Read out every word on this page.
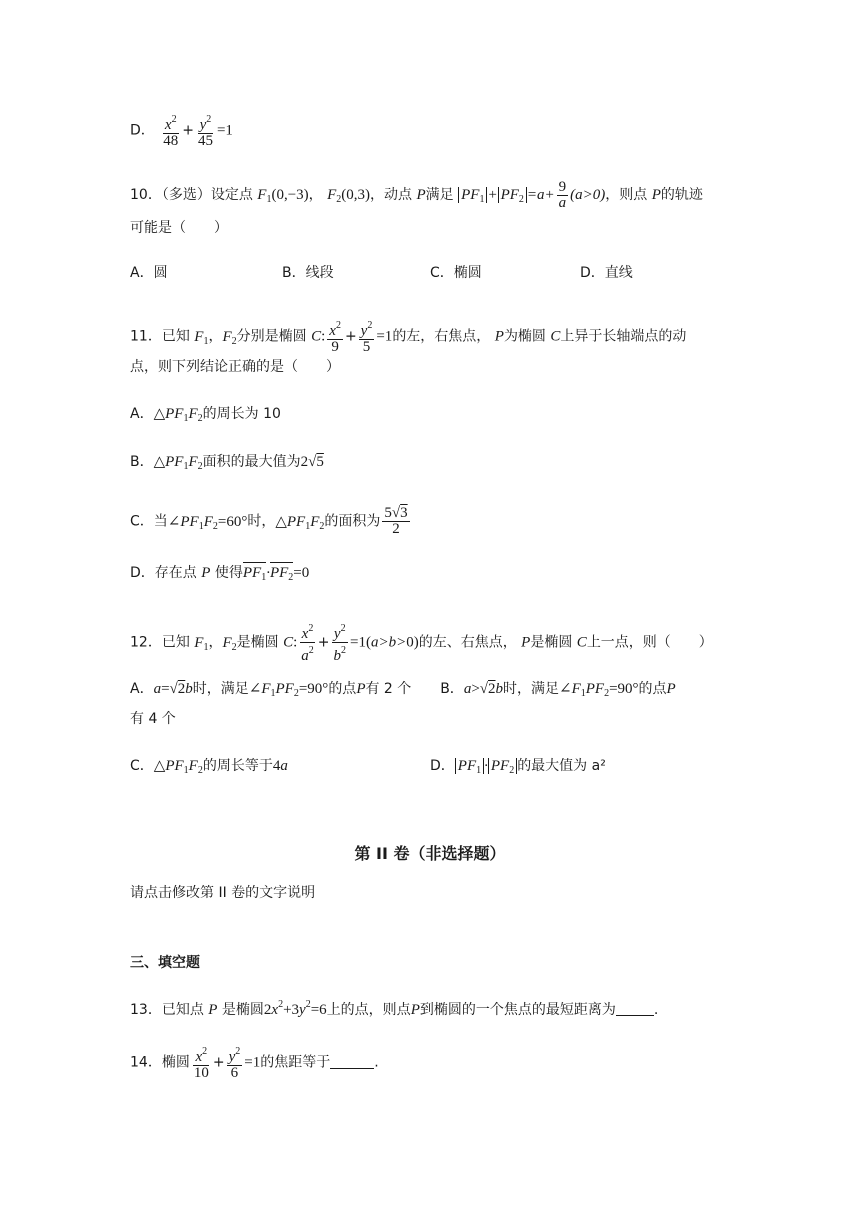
D． $\frac{x^2}{48} + \frac{y^2}{45} =1$
10．（多选）设定点 $F_1(0,-3)$， $F_2(0,3)$，动点 P满足 $PF_1 + PF_2 =a+ \frac{9}{a} (a>0)$，则点 P的轨迹
可能是（　　）
A．圆	B．线段	C．椭圆	D．直线
11．已知 $F_1$，$F_2$分别是椭圆 C: $\frac{x^2}{9} + \frac{y^2}{5} =1$的左，右焦点， P为椭圆 C上异于长轴端点的动
点，则下列结论正确的是（　　）
A．$\triangle PF_1F_2$的周长为 10
B．$\triangle PF_1F_2$面积的最大值为2√5
C．当$\angle PF_1F_2=60^\circ$时，$\triangle PF_1F_2$的面积为 $\frac{5√3}{2}$
D．存在点 P 使得$PF_1\cdot PF_2=0$
12．已知 $F_1$，$F_2$是椭圆 C: $\frac{x^2}{a^2} + \frac{y^2}{b^2} =1(a>b>0)$的左、右焦点， P是椭圆 C上一点，则（　　）
A．a=√2b时，满足$\angle F_1PF_2=90^\circ$的点P有 2 个 B．a>√2b时，满足$\angle F_1PF_2=90^\circ$的点P
有 4 个
C．$\triangle PF_1F_2$的周长等于4a	D． $PF_1 \cdot PF_2$ 的最大值为 a²
第 II 卷（非选择题）
请点击修改第 II 卷的文字说明
三、填空题
13．已知点 P 是椭圆$2x^2+3y^2=6$上的点，则点P到椭圆的一个焦点的最短距离为	.
14．椭圆 $\frac{x^2}{10} + \frac{y^2}{6} =1$的焦距等于	.
